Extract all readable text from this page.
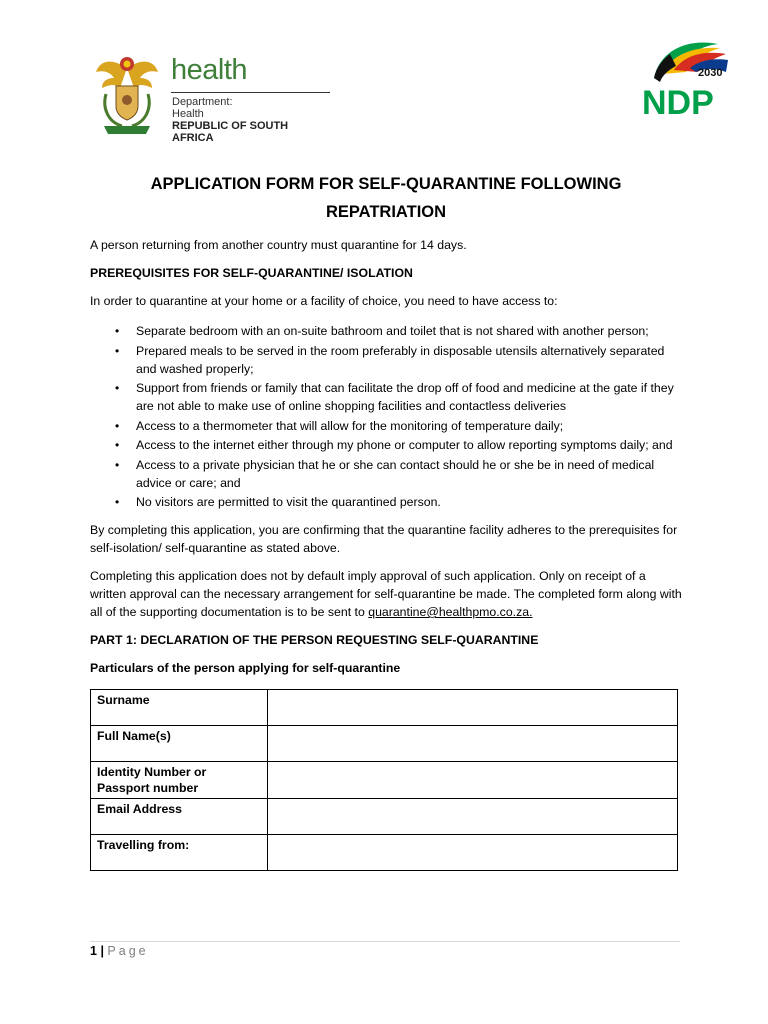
health
Department:
Health
REPUBLIC OF SOUTH AFRICA
2030
NDP
APPLICATION FORM FOR SELF-QUARANTINE FOLLOWING
REPATRIATION

A person returning from another country must quarantine for 14 days.

PREREQUISITES FOR SELF-QUARANTINE/ ISOLATION

In order to quarantine at your home or a facility of choice, you need to have access to:

• Separate bedroom with an on-suite bathroom and toilet that is not shared with another person;
• Prepared meals to be served in the room preferably in disposable utensils alternatively separated and washed properly;
• Support from friends or family that can facilitate the drop off of food and medicine at the gate if they are not able to make use of online shopping facilities and contactless deliveries
• Access to a thermometer that will allow for the monitoring of temperature daily;
• Access to the internet either through my phone or computer to allow reporting symptoms daily; and
• Access to a private physician that he or she can contact should he or she be in need of medical advice or care; and
• No visitors are permitted to visit the quarantined person.

By completing this application, you are confirming that the quarantine facility adheres to the prerequisites for self-isolation/ self-quarantine as stated above.

Completing this application does not by default imply approval of such application. Only on receipt of a written approval can the necessary arrangement for self-quarantine be made. The completed form along with all of the supporting documentation is to be sent to quarantine@healthpmo.co.za.

PART 1: DECLARATION OF THE PERSON REQUESTING SELF-QUARANTINE

Particulars of the person applying for self-quarantine

Surname	
Full Name(s)	
Identity Number or Passport number	
Email Address	
Travelling from:	
1 | Page
